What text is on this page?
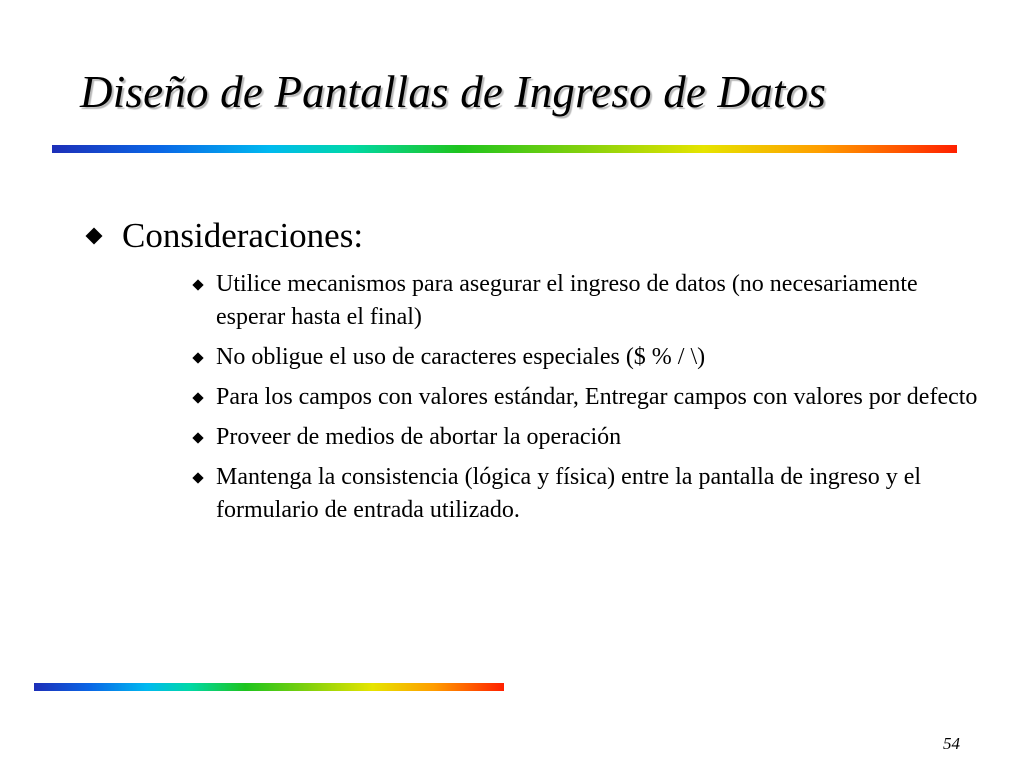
Diseño de Pantallas de Ingreso de Datos
Consideraciones:
Utilice mecanismos para asegurar el ingreso de datos (no necesariamente esperar hasta el final)
No obligue el uso de caracteres especiales ($ % / \)
Para los campos con valores estándar, Entregar campos con valores por defecto
Proveer de medios de abortar la operación
Mantenga la consistencia (lógica y física) entre la pantalla de ingreso y el formulario de entrada utilizado.
54
